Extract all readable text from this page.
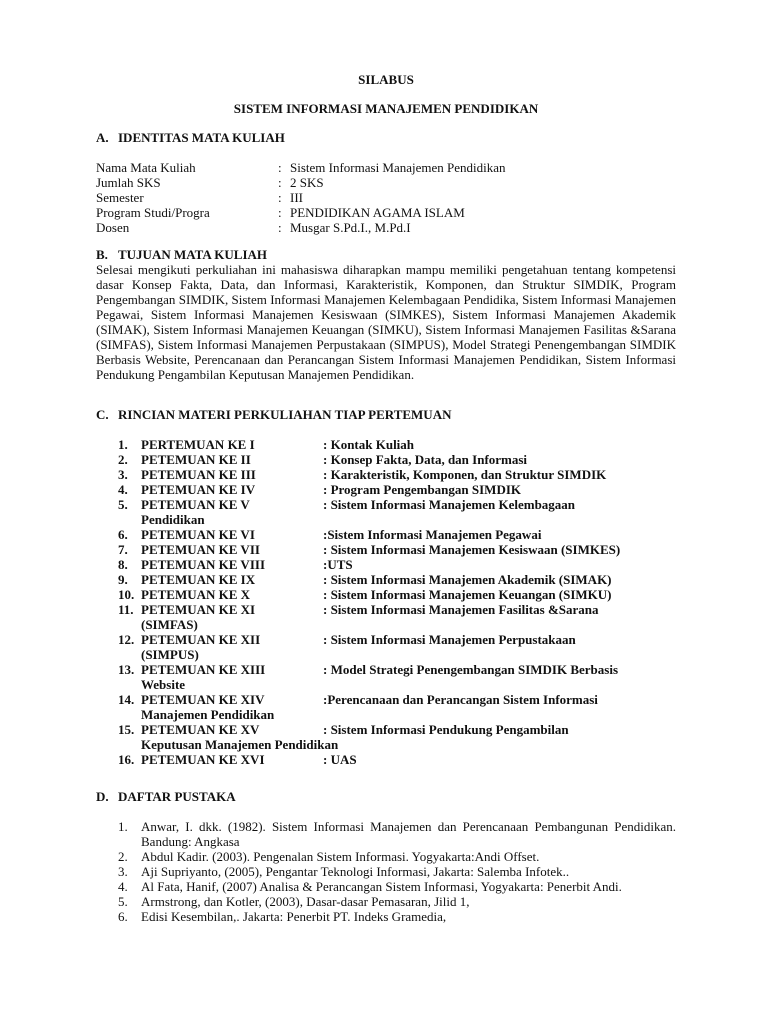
SILABUS
SISTEM INFORMASI MANAJEMEN PENDIDIKAN
A. IDENTITAS MATA KULIAH
Nama Mata Kuliah	: Sistem Informasi Manajemen Pendidikan
Jumlah SKS	: 2 SKS
Semester	: III
Program Studi/Progra	: PENDIDIKAN AGAMA ISLAM
Dosen	: Musgar S.Pd.I., M.Pd.I
B. TUJUAN MATA KULIAH

Selesai mengikuti perkuliahan ini mahasiswa diharapkan mampu memiliki pengetahuan tentang kompetensi dasar Konsep Fakta, Data, dan Informasi, Karakteristik, Komponen, dan Struktur SIMDIK, Program Pengembangan SIMDIK, Sistem Informasi Manajemen Kelembagaan Pendidika, Sistem Informasi Manajemen Pegawai, Sistem Informasi Manajemen Kesiswaan (SIMKES), Sistem Informasi Manajemen Akademik (SIMAK), Sistem Informasi Manajemen Keuangan (SIMKU), Sistem Informasi Manajemen Fasilitas &Sarana (SIMFAS), Sistem Informasi Manajemen Perpustakaan (SIMPUS), Model Strategi Penengembangan SIMDIK Berbasis Website, Perencanaan dan Perancangan Sistem Informasi Manajemen Pendidikan, Sistem Informasi Pendukung Pengambilan Keputusan Manajemen Pendidikan.

C. RINCIAN MATERI PERKULIAHAN TIAP PERTEMUAN
1.	PERTEMUAN KE I	: Kontak Kuliah
2.	PETEMUAN KE II	: Konsep Fakta, Data, dan Informasi
3.	PETEMUAN KE III	: Karakteristik, Komponen, dan Struktur SIMDIK
4.	PETEMUAN KE IV	: Program Pengembangan SIMDIK
5.	PETEMUAN KE V	: Sistem Informasi Manajemen Kelembagaan
Pendidikan
6.	PETEMUAN KE VI	:Sistem Informasi Manajemen Pegawai
7.	PETEMUAN KE VII	: Sistem Informasi Manajemen Kesiswaan (SIMKES)
8.	PETEMUAN KE VIII	:UTS
9.	PETEMUAN KE IX	: Sistem Informasi Manajemen Akademik (SIMAK)
10. PETEMUAN KE X	: Sistem Informasi Manajemen Keuangan (SIMKU)
11. PETEMUAN KE XI	: Sistem Informasi Manajemen Fasilitas &Sarana
(SIMFAS)
12. PETEMUAN KE XII	: Sistem Informasi Manajemen Perpustakaan
(SIMPUS)
13. PETEMUAN KE XIII	: Model Strategi Penengembangan SIMDIK Berbasis
Website
14. PETEMUAN KE XIV	:Perencanaan dan Perancangan Sistem Informasi
Manajemen Pendidikan
15. PETEMUAN KE XV	: Sistem Informasi Pendukung Pengambilan
Keputusan Manajemen Pendidikan
16. PETEMUAN KE XVI	: UAS
D. DAFTAR PUSTAKA
1.	Anwar, I. dkk. (1982). Sistem Informasi Manajemen dan Perencanaan Pembangunan Pendidikan. Bandung: Angkasa
2.	Abdul Kadir. (2003). Pengenalan Sistem Informasi. Yogyakarta:Andi Offset.
3.	Aji Supriyanto, (2005), Pengantar Teknologi Informasi, Jakarta: Salemba Infotek..
4.	Al Fata, Hanif, (2007) Analisa & Perancangan Sistem Informasi, Yogyakarta: Penerbit Andi.
5.	Armstrong, dan Kotler, (2003), Dasar-dasar Pemasaran, Jilid 1,
6.	Edisi Kesembilan,. Jakarta: Penerbit PT. Indeks Gramedia,
